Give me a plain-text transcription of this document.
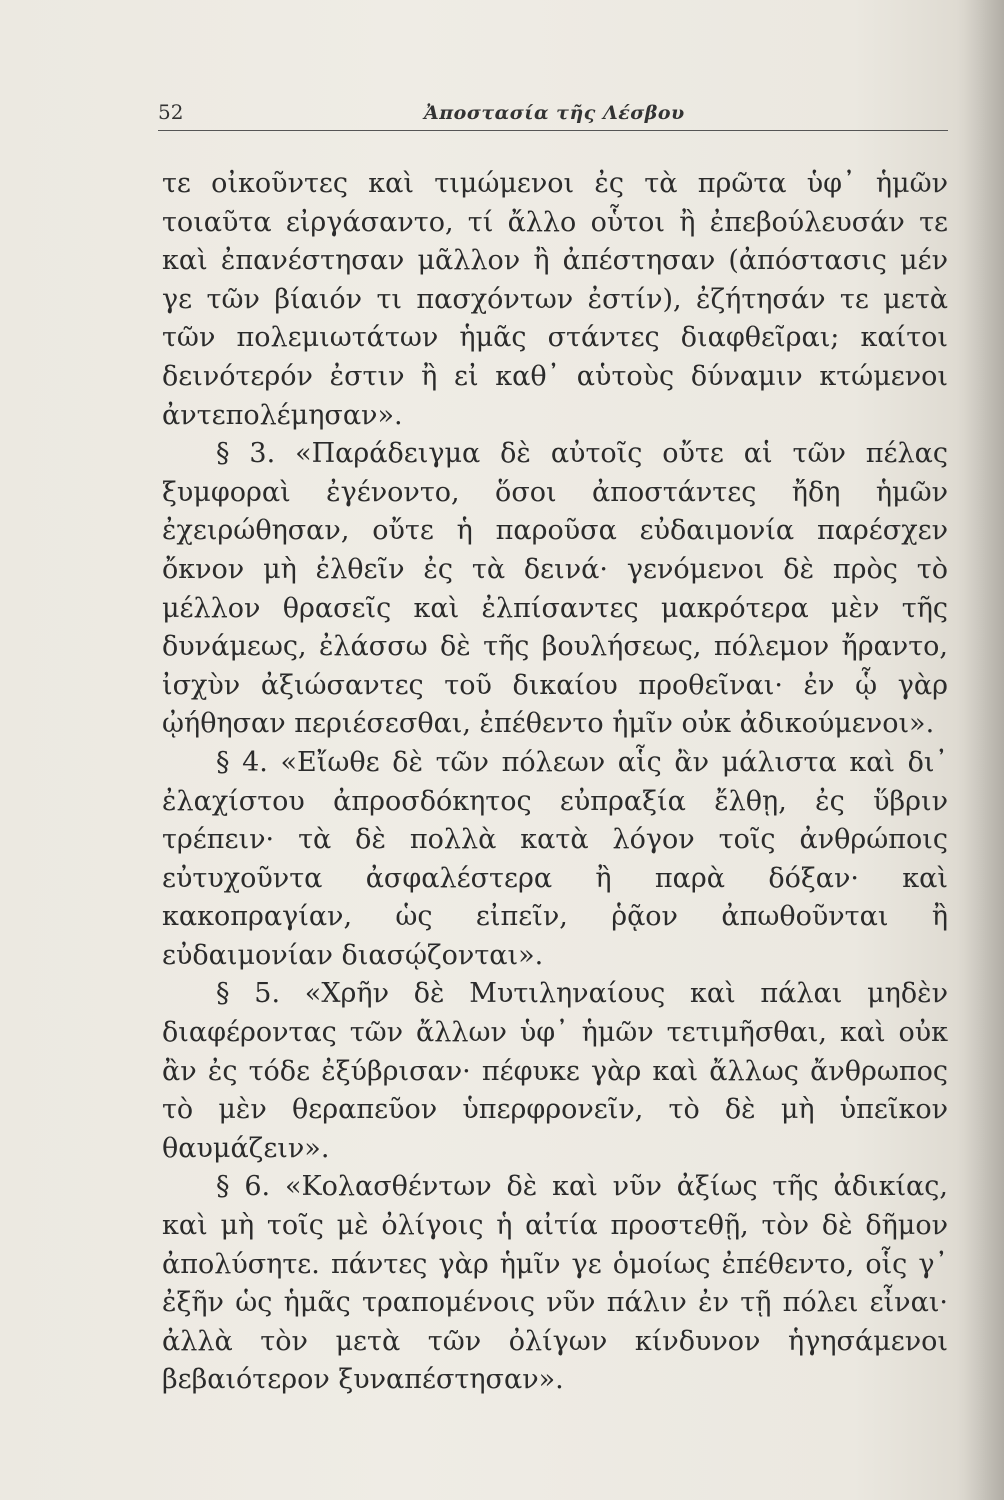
52	Ἀποστασία τῆς Λέσβου

τε οἰκοῦντες καὶ τιμώμενοι ἐς τὰ πρῶτα ὑφ᾽ ἡμῶν τοιαῦτα εἰργάσαντο, τί ἄλλο οὗτοι ἢ ἐπεβούλευσάν τε καὶ ἐπανέστησαν μᾶλλον ἢ ἀπέστησαν (ἀπόστασις μέν γε τῶν βίαιόν τι πασχόντων ἐστίν), ἐζήτησάν τε μετὰ τῶν πολεμιωτάτων ἡμᾶς στάντες διαφθεῖραι; καίτοι δεινότερόν ἐστιν ἢ εἰ καθ᾽ αὑτοὺς δύναμιν κτώμενοι ἀντεπολέμησαν».

§ 3. «Παράδειγμα δὲ αὐτοῖς οὔτε αἱ τῶν πέλας ξυμφοραὶ ἐγένοντο, ὅσοι ἀποστάντες ἤδη ἡμῶν ἐχειρώθησαν, οὔτε ἡ παροῦσα εὐδαιμονία παρέσχεν ὄκνον μὴ ἐλθεῖν ἐς τὰ δεινά· γενόμενοι δὲ πρὸς τὸ μέλλον θρασεῖς καὶ ἐλπίσαντες μακρότερα μὲν τῆς δυνάμεως, ἐλάσσω δὲ τῆς βουλήσεως, πόλεμον ἤραντο, ἰσχὺν ἀξιώσαντες τοῦ δικαίου προθεῖναι· ἐν ᾧ γὰρ ᾠήθησαν περιέσεσθαι, ἐπέθεντο ἡμῖν οὐκ ἀδικούμενοι».

§ 4. «Εἴωθε δὲ τῶν πόλεων αἷς ἂν μάλιστα καὶ δι᾽ ἐλαχίστου ἀπροσδόκητος εὐπραξία ἔλθῃ, ἐς ὕβριν τρέπειν· τὰ δὲ πολλὰ κατὰ λόγον τοῖς ἀνθρώποις εὐτυχοῦντα ἀσφαλέστερα ἢ παρὰ δόξαν· καὶ κακοπραγίαν, ὡς εἰπεῖν, ῥᾷον ἀπωθοῦνται ἢ εὐδαιμονίαν διασῴζονται».

§ 5. «Χρῆν δὲ Μυτιληναίους καὶ πάλαι μηδὲν διαφέροντας τῶν ἄλλων ὑφ᾽ ἡμῶν τετιμῆσθαι, καὶ οὐκ ἂν ἐς τόδε ἐξύβρισαν· πέφυκε γὰρ καὶ ἄλλως ἄνθρωπος τὸ μὲν θεραπεῦον ὑπερφρονεῖν, τὸ δὲ μὴ ὑπεῖκον θαυμάζειν».

§ 6. «Κολασθέντων δὲ καὶ νῦν ἀξίως τῆς ἀδικίας, καὶ μὴ τοῖς μὲ ὀλίγοις ἡ αἰτία προστεθῇ, τὸν δὲ δῆμον ἀπολύσητε. πάντες γὰρ ἡμῖν γε ὁμοίως ἐπέθεντο, οἷς γ᾽ ἐξῆν ὡς ἡμᾶς τραπομένοις νῦν πάλιν ἐν τῇ πόλει εἶναι· ἀλλὰ τὸν μετὰ τῶν ὀλίγων κίνδυνον ἡγησάμενοι βεβαιότερον ξυναπέστησαν».
